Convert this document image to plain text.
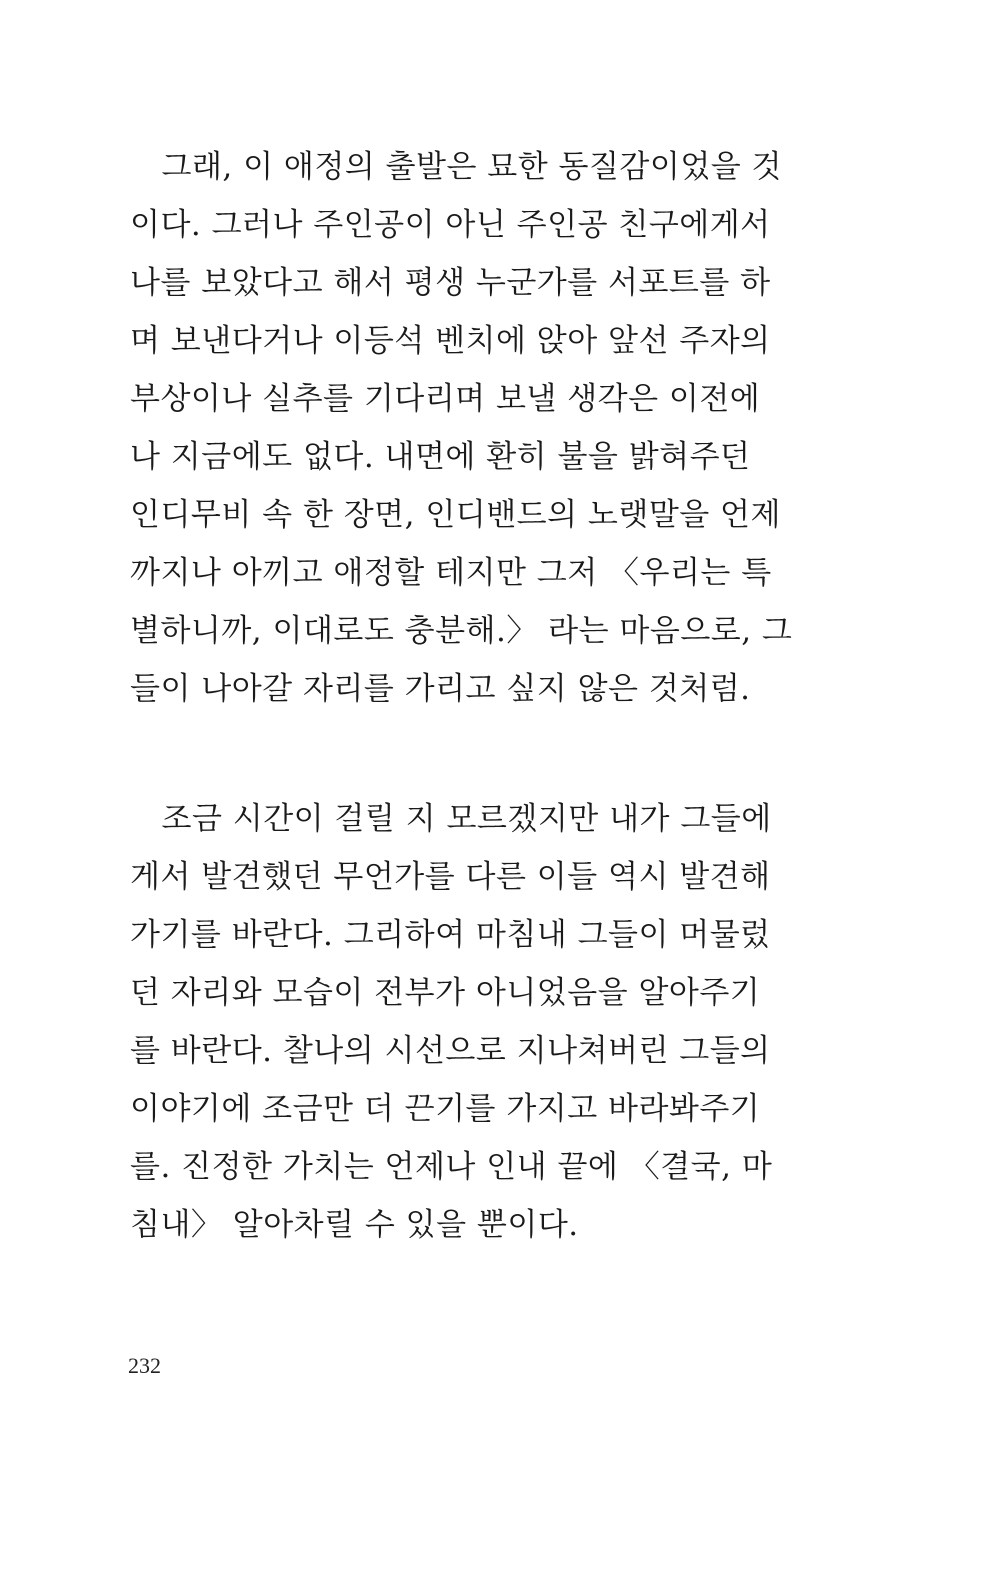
　그래, 이 애정의 출발은 묘한 동질감이었을 것
이다. 그러나 주인공이 아닌 주인공 친구에게서
나를 보았다고 해서 평생 누군가를 서포트를 하
며 보낸다거나 이등석 벤치에 앉아 앞선 주자의
부상이나 실추를 기다리며 보낼 생각은 이전에
나 지금에도 없다. 내면에 환히 불을 밝혀주던
인디무비 속 한 장면, 인디밴드의 노랫말을 언제
까지나 아끼고 애정할 테지만 그저 〈우리는 특
별하니까, 이대로도 충분해.〉 라는 마음으로, 그
들이 나아갈 자리를 가리고 싶지 않은 것처럼.
　조금 시간이 걸릴 지 모르겠지만 내가 그들에
게서 발견했던 무언가를 다른 이들 역시 발견해
가기를 바란다. 그리하여 마침내 그들이 머물렀
던 자리와 모습이 전부가 아니었음을 알아주기
를 바란다. 찰나의 시선으로 지나쳐버린 그들의
이야기에 조금만 더 끈기를 가지고 바라봐주기
를. 진정한 가치는 언제나 인내 끝에 〈결국, 마
침내〉 알아차릴 수 있을 뿐이다.
232
